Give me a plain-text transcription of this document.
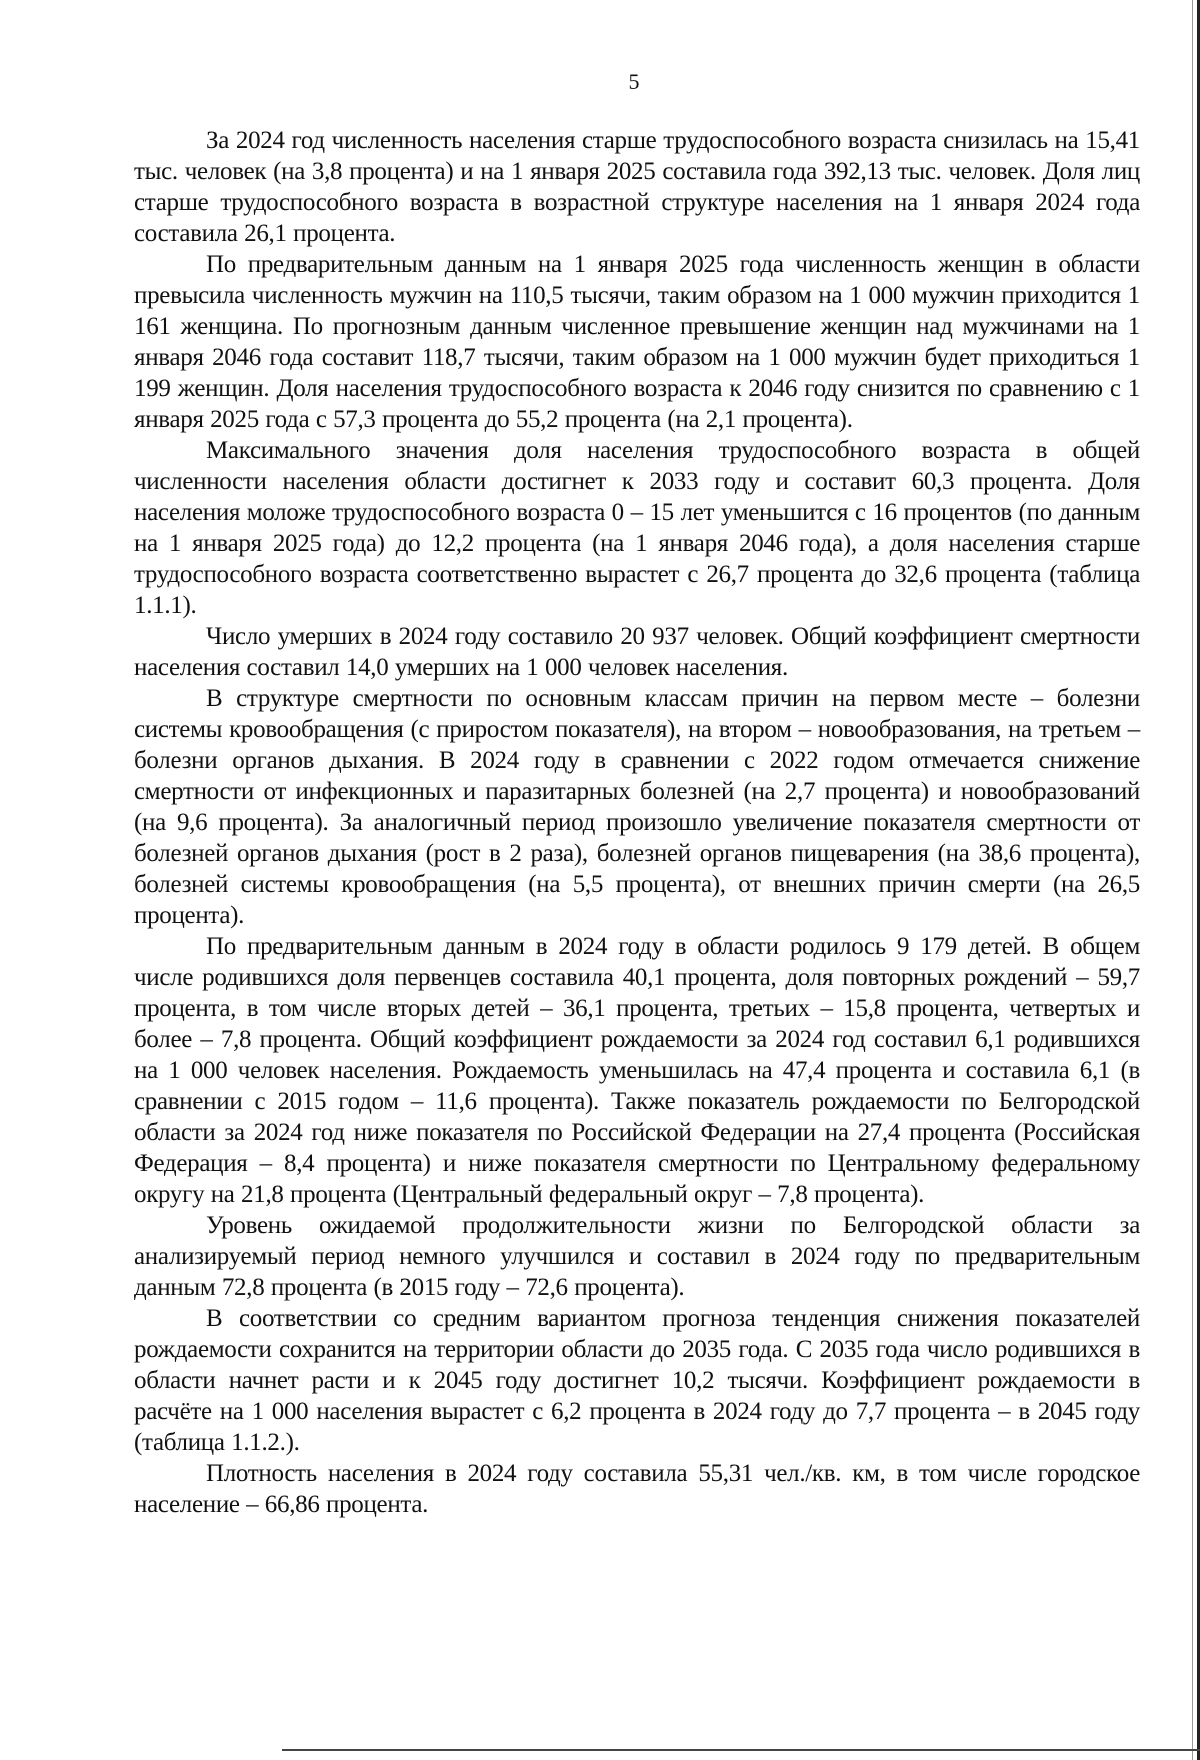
5

За 2024 год численность населения старше трудоспособного возраста снизилась на 15,41 тыс. человек (на 3,8 процента) и на 1 января 2025 составила года 392,13 тыс. человек. Доля лиц старше трудоспособного возраста в возрастной структуре населения на 1 января 2024 года составила 26,1 процента.

По предварительным данным на 1 января 2025 года численность женщин в области превысила численность мужчин на 110,5 тысячи, таким образом на 1 000 мужчин приходится 1 161 женщина. По прогнозным данным численное превышение женщин над мужчинами на 1 января 2046 года составит 118,7 тысячи, таким образом на 1 000 мужчин будет приходиться 1 199 женщин. Доля населения трудоспособного возраста к 2046 году снизится по сравнению с 1 января 2025 года с 57,3 процента до 55,2 процента (на 2,1 процента).

Максимального значения доля населения трудоспособного возраста в общей численности населения области достигнет к 2033 году и составит 60,3 процента. Доля населения моложе трудоспособного возраста 0 – 15 лет уменьшится с 16 процентов (по данным на 1 января 2025 года) до 12,2 процента (на 1 января 2046 года), а доля населения старше трудоспособного возраста соответственно вырастет с 26,7 процента до 32,6 процента (таблица 1.1.1).

Число умерших в 2024 году составило 20 937 человек. Общий коэффициент смертности населения составил 14,0 умерших на 1 000 человек населения.

В структуре смертности по основным классам причин на первом месте – болезни системы кровообращения (с приростом показателя), на втором – новообразования, на третьем – болезни органов дыхания. В 2024 году в сравнении с 2022 годом отмечается снижение смертности от инфекционных и паразитарных болезней (на 2,7 процента) и новообразований (на 9,6 процента). За аналогичный период произошло увеличение показателя смертности от болезней органов дыхания (рост в 2 раза), болезней органов пищеварения (на 38,6 процента), болезней системы кровообращения (на 5,5 процента), от внешних причин смерти (на 26,5 процента).

По предварительным данным в 2024 году в области родилось 9 179 детей. В общем числе родившихся доля первенцев составила 40,1 процента, доля повторных рождений – 59,7 процента, в том числе вторых детей – 36,1 процента, третьих – 15,8 процента, четвертых и более – 7,8 процента. Общий коэффициент рождаемости за 2024 год составил 6,1 родившихся на 1 000 человек населения. Рождаемость уменьшилась на 47,4 процента и составила 6,1 (в сравнении с 2015 годом – 11,6 процента). Также показатель рождаемости по Белгородской области за 2024 год ниже показателя по Российской Федерации на 27,4 процента (Российская Федерация – 8,4 процента) и ниже показателя смертности по Центральному федеральному округу на 21,8 процента (Центральный федеральный округ – 7,8 процента).

Уровень ожидаемой продолжительности жизни по Белгородской области за анализируемый период немного улучшился и составил в 2024 году по предварительным данным 72,8 процента (в 2015 году – 72,6 процента).

В соответствии со средним вариантом прогноза тенденция снижения показателей рождаемости сохранится на территории области до 2035 года. С 2035 года число родившихся в области начнет расти и к 2045 году достигнет 10,2 тысячи. Коэффициент рождаемости в расчёте на 1 000 населения вырастет с 6,2 процента в 2024 году до 7,7 процента – в 2045 году (таблица 1.1.2.).

Плотность населения в 2024 году составила 55,31 чел./кв. км, в том числе городское население – 66,86 процента.
